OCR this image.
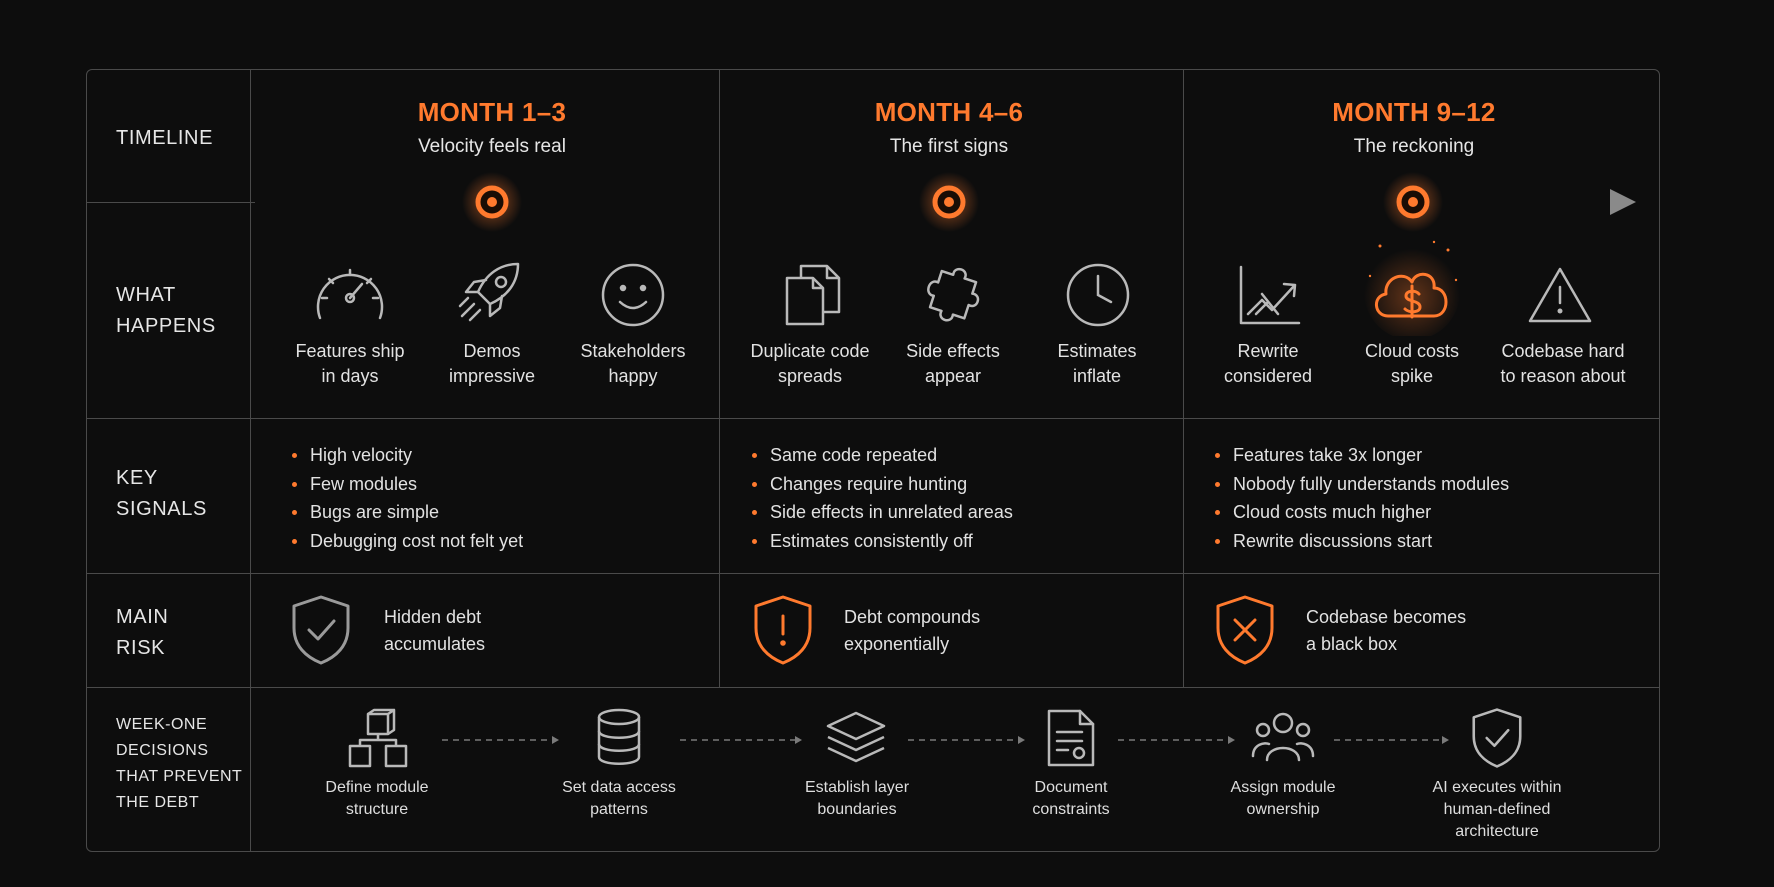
TIMELINE
WHAT
HAPPENS
KEY
SIGNALS
MAIN
RISK
WEEK-ONE
DECISIONS
THAT PREVENT
THE DEBT
MONTH 1–3
Velocity feels real
MONTH 4–6
The first signs
MONTH 9–12
The reckoning
Features ship
in days
Demos
impressive
Stakeholders
happy
Duplicate code
spreads
Side effects
appear
Estimates
inflate
Rewrite
considered
Cloud costs
spike
Codebase hard
to reason about
High velocity
Few modules
Bugs are simple
Debugging cost not felt yet
Same code repeated
Changes require hunting
Side effects in unrelated areas
Estimates consistently off
Features take 3x longer
Nobody fully understands modules
Cloud costs much higher
Rewrite discussions start
Hidden debt
accumulates
Debt compounds
exponentially
Codebase becomes
a black box
Define module
structure
Set data access
patterns
Establish layer
boundaries
Document
constraints
Assign module
ownership
AI executes within
human-defined
architecture
